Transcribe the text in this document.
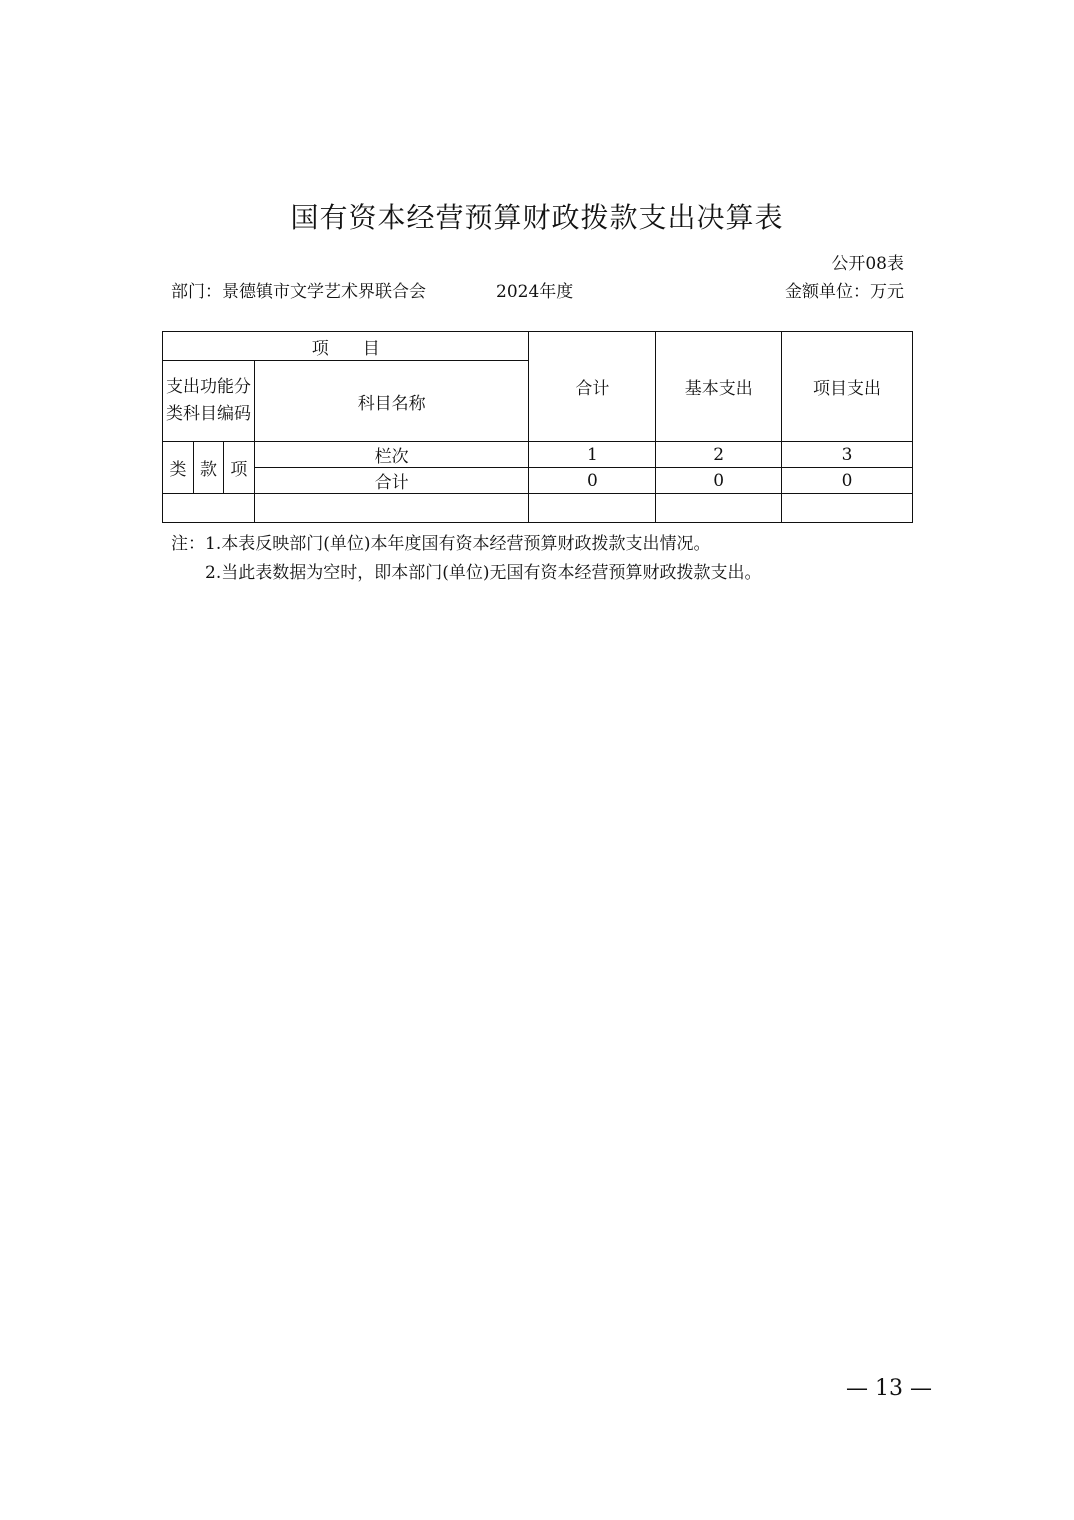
国有资本经营预算财政拨款支出决算表
公开08表
部门：景德镇市文学艺术界联合会	2024年度	金额单位：万元
项　　目				合计	基本支出	项目支出
支出功能分类科目编码			科目名称			
类	款	项	栏次	1	2	3
			合计	0	0	0

注：1.本表反映部门(单位)本年度国有资本经营预算财政拨款支出情况。
2.当此表数据为空时，即本部门(单位)无国有资本经营预算财政拨款支出。
— 13 —
